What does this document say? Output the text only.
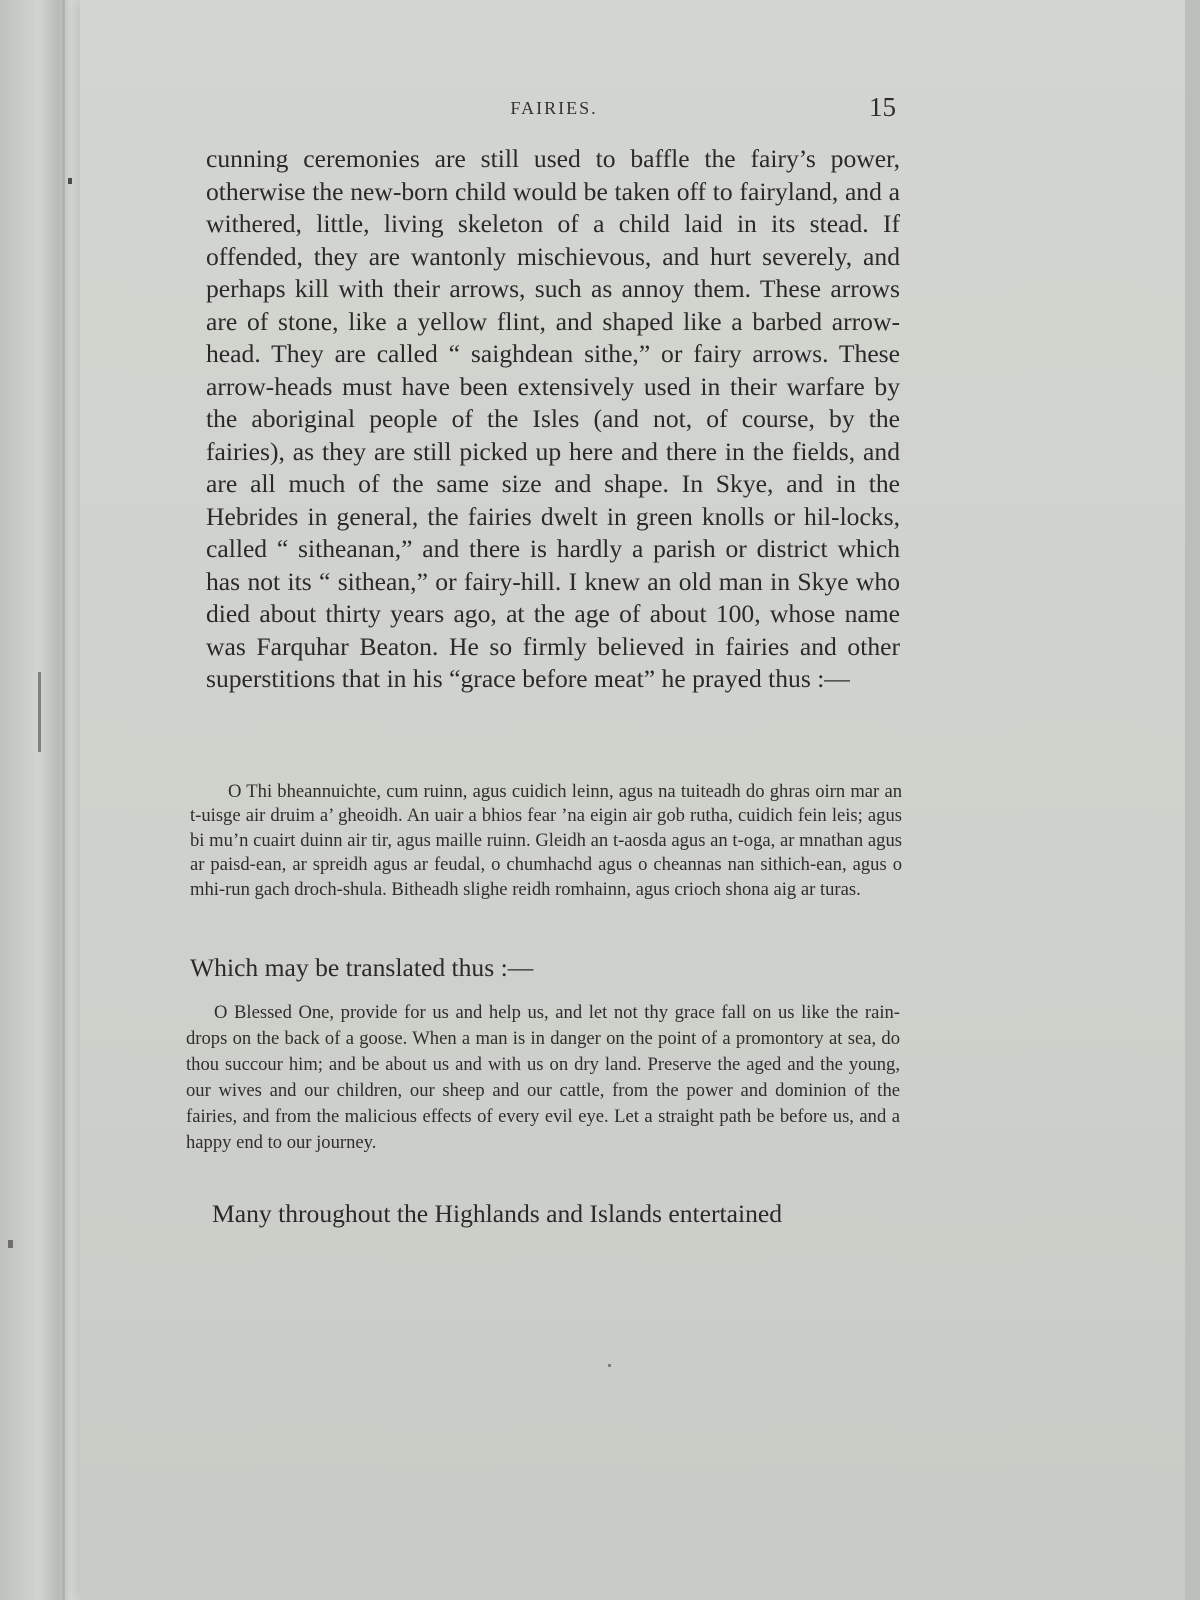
FAIRIES.	15

cunning ceremonies are still used to baffle the fairy’s power, otherwise the new-born child would be taken off to fairyland, and a withered, little, living skeleton of a child laid in its stead. If offended, they are wantonly mischievous, and hurt severely, and perhaps kill with their arrows, such as annoy them. These arrows are of stone, like a yellow flint, and shaped like a barbed arrow-head. They are called “ saighdean sithe,” or fairy arrows. These arrow-heads must have been extensively used in their warfare by the aboriginal people of the Isles (and not, of course, by the fairies), as they are still picked up here and there in the fields, and are all much of the same size and shape. In Skye, and in the Hebrides in general, the fairies dwelt in green knolls or hil-locks, called “ sitheanan,” and there is hardly a parish or district which has not its “ sithean,” or fairy-hill. I knew an old man in Skye who died about thirty years ago, at the age of about 100, whose name was Farquhar Beaton. He so firmly believed in fairies and other superstitions that in his “grace before meat” he prayed thus :—

O Thi bheannuichte, cum ruinn, agus cuidich leinn, agus na tuiteadh do ghras oirn mar an t-uisge air druim a’ gheoidh. An uair a bhios fear ’na eigin air gob rutha, cuidich fein leis; agus bi mu’n cuairt duinn air tir, agus maille ruinn. Gleidh an t-aosda agus an t-oga, ar mnathan agus ar paisd-ean, ar spreidh agus ar feudal, o chumhachd agus o cheannas nan sithich-ean, agus o mhi-run gach droch-shula. Bitheadh slighe reidh romhainn, agus crioch shona aig ar turas.

Which may be translated thus :—

O Blessed One, provide for us and help us, and let not thy grace fall on us like the rain-drops on the back of a goose. When a man is in danger on the point of a promontory at sea, do thou succour him; and be about us and with us on dry land. Preserve the aged and the young, our wives and our children, our sheep and our cattle, from the power and dominion of the fairies, and from the malicious effects of every evil eye. Let a straight path be before us, and a happy end to our journey.

Many throughout the Highlands and Islands entertained
